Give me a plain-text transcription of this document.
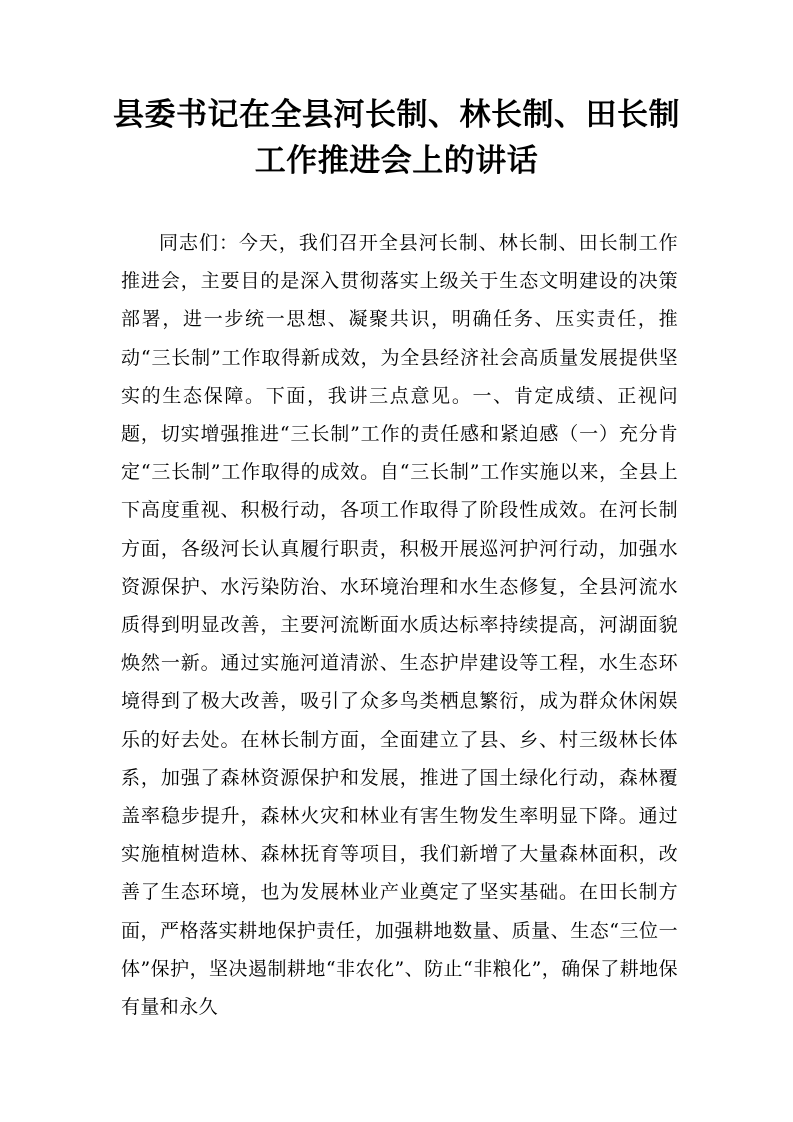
县委书记在全县河长制、林长制、田长制工作推进会上的讲话

同志们：今天，我们召开全县河长制、林长制、田长制工作推进会，主要目的是深入贯彻落实上级关于生态文明建设的决策部署，进一步统一思想、凝聚共识，明确任务、压实责任，推动“三长制”工作取得新成效，为全县经济社会高质量发展提供坚实的生态保障。下面，我讲三点意见。一、肯定成绩、正视问题，切实增强推进“三长制”工作的责任感和紧迫感（一）充分肯定“三长制”工作取得的成效。自“三长制”工作实施以来，全县上下高度重视、积极行动，各项工作取得了阶段性成效。在河长制方面，各级河长认真履行职责，积极开展巡河护河行动，加强水资源保护、水污染防治、水环境治理和水生态修复，全县河流水质得到明显改善，主要河流断面水质达标率持续提高，河湖面貌焕然一新。通过实施河道清淤、生态护岸建设等工程，水生态环境得到了极大改善，吸引了众多鸟类栖息繁衍，成为群众休闲娱乐的好去处。在林长制方面，全面建立了县、乡、村三级林长体系，加强了森林资源保护和发展，推进了国土绿化行动，森林覆盖率稳步提升，森林火灾和林业有害生物发生率明显下降。通过实施植树造林、森林抚育等项目，我们新增了大量森林面积，改善了生态环境，也为发展林业产业奠定了坚实基础。在田长制方面，严格落实耕地保护责任，加强耕地数量、质量、生态“三位一体”保护，坚决遏制耕地“非农化”、防止“非粮化”，确保了耕地保有量和永久
